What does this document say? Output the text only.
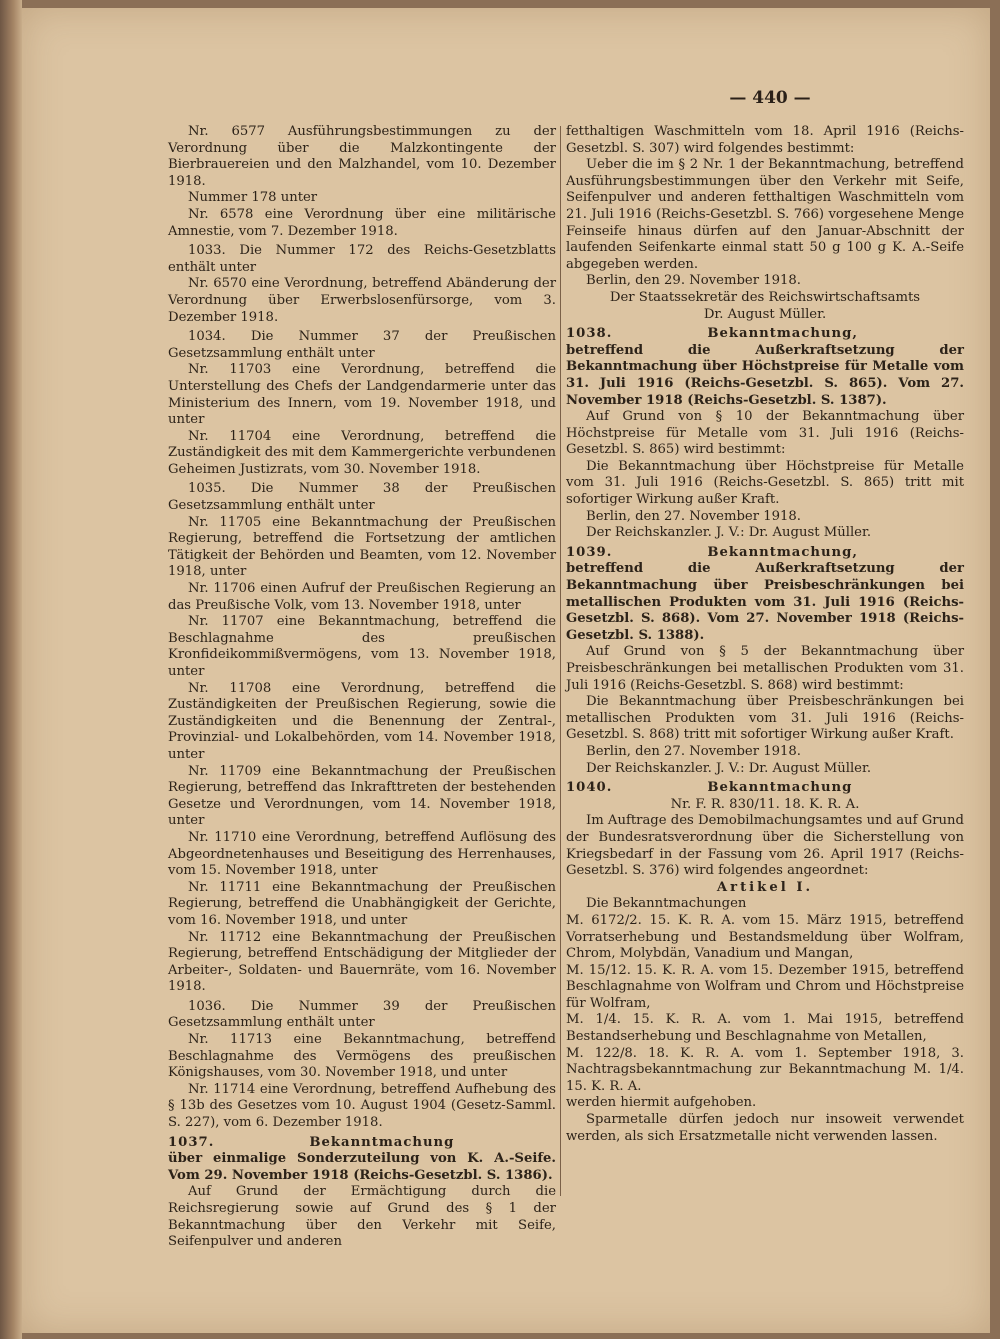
— 440 —

Nr. 6577 Ausführungsbestimmungen zu der Verordnung über die Malzkontingente der Bierbrauereien und den Malzhandel, vom 10. Dezember 1918.

Nummer 178 unter

Nr. 6578 eine Verordnung über eine militärische Amnestie, vom 7. Dezember 1918.

1033. Die Nummer 172 des Reichs-Gesetzblatts enthält unter

Nr. 6570 eine Verordnung, betreffend Abänderung der Verordnung über Erwerbslosenfürsorge, vom 3. Dezember 1918.

1034. Die Nummer 37 der Preußischen Gesetzsammlung enthält unter

Nr. 11703 eine Verordnung, betreffend die Unterstellung des Chefs der Landgendarmerie unter das Ministerium des Innern, vom 19. November 1918, und unter

Nr. 11704 eine Verordnung, betreffend die Zuständigkeit des mit dem Kammergerichte verbundenen Geheimen Justizrats, vom 30. November 1918.

1035. Die Nummer 38 der Preußischen Gesetzsammlung enthält unter

Nr. 11705 eine Bekanntmachung der Preußischen Regierung, betreffend die Fortsetzung der amtlichen Tätigkeit der Behörden und Beamten, vom 12. November 1918, unter

Nr. 11706 einen Aufruf der Preußischen Regierung an das Preußische Volk, vom 13. November 1918, unter

Nr. 11707 eine Bekanntmachung, betreffend die Beschlagnahme des preußischen Kronfideikommißvermögens, vom 13. November 1918, unter

Nr. 11708 eine Verordnung, betreffend die Zuständigkeiten der Preußischen Regierung, sowie die Zuständigkeiten und die Benennung der Zentral-, Provinzial- und Lokalbehörden, vom 14. November 1918, unter

Nr. 11709 eine Bekanntmachung der Preußischen Regierung, betreffend das Inkrafttreten der bestehenden Gesetze und Verordnungen, vom 14. November 1918, unter

Nr. 11710 eine Verordnung, betreffend Auflösung des Abgeordnetenhauses und Beseitigung des Herrenhauses, vom 15. November 1918, unter

Nr. 11711 eine Bekanntmachung der Preußischen Regierung, betreffend die Unabhängigkeit der Gerichte, vom 16. November 1918, und unter

Nr. 11712 eine Bekanntmachung der Preußischen Regierung, betreffend Entschädigung der Mitglieder der Arbeiter-, Soldaten- und Bauernräte, vom 16. November 1918.

1036. Die Nummer 39 der Preußischen Gesetzsammlung enthält unter

Nr. 11713 eine Bekanntmachung, betreffend Beschlagnahme des Vermögens des preußischen Königshauses, vom 30. November 1918, und unter

Nr. 11714 eine Verordnung, betreffend Aufhebung des § 13b des Gesetzes vom 10. August 1904 (Gesetz-Samml. S. 227), vom 6. Dezember 1918.

1037.                 Bekanntmachung

über einmalige Sonderzuteilung von K. A.-Seife. Vom 29. November 1918 (Reichs-Gesetzbl. S. 1386).

Auf Grund der Ermächtigung durch die Reichsregierung sowie auf Grund des § 1 der Bekanntmachung über den Verkehr mit Seife, Seifenpulver und anderen

fetthaltigen Waschmitteln vom 18. April 1916 (Reichs-Gesetzbl. S. 307) wird folgendes bestimmt:

Ueber die im § 2 Nr. 1 der Bekanntmachung, betreffend Ausführungsbestimmungen über den Verkehr mit Seife, Seifenpulver und anderen fetthaltigen Waschmitteln vom 21. Juli 1916 (Reichs-Gesetzbl. S. 766) vorgesehene Menge Feinseife hinaus dürfen auf den Januar-Abschnitt der laufenden Seifenkarte einmal statt 50 g 100 g K. A.-Seife abgegeben werden.

Berlin, den 29. November 1918.

Der Staatssekretär des Reichswirtschaftsamts

Dr. August Müller.

1038.                 Bekanntmachung,

betreffend die Außerkraftsetzung der Bekanntmachung über Höchstpreise für Metalle vom 31. Juli 1916 (Reichs-Gesetzbl. S. 865). Vom 27. November 1918 (Reichs-Gesetzbl. S. 1387).

Auf Grund von § 10 der Bekanntmachung über Höchstpreise für Metalle vom 31. Juli 1916 (Reichs-Gesetzbl. S. 865) wird bestimmt:

Die Bekanntmachung über Höchstpreise für Metalle vom 31. Juli 1916 (Reichs-Gesetzbl. S. 865) tritt mit sofortiger Wirkung außer Kraft.

Berlin, den 27. November 1918.

Der Reichskanzler. J. V.: Dr. August Müller.

1039.                 Bekanntmachung,

betreffend die Außerkraftsetzung der Bekanntmachung über Preisbeschränkungen bei metallischen Produkten vom 31. Juli 1916 (Reichs-Gesetzbl. S. 868). Vom 27. November 1918 (Reichs-Gesetzbl. S. 1388).

Auf Grund von § 5 der Bekanntmachung über Preisbeschränkungen bei metallischen Produkten vom 31. Juli 1916 (Reichs-Gesetzbl. S. 868) wird bestimmt:

Die Bekanntmachung über Preisbeschränkungen bei metallischen Produkten vom 31. Juli 1916 (Reichs-Gesetzbl. S. 868) tritt mit sofortiger Wirkung außer Kraft.

Berlin, den 27. November 1918.

Der Reichskanzler. J. V.: Dr. August Müller.

1040.                 Bekanntmachung

Nr. F. R. 830/11. 18. K. R. A.

Im Auftrage des Demobilmachungsamtes und auf Grund der Bundesratsverordnung über die Sicherstellung von Kriegsbedarf in der Fassung vom 26. April 1917 (Reichs-Gesetzbl. S. 376) wird folgendes angeordnet:

Artikel I.

Die Bekanntmachungen

M. 6172/2. 15. K. R. A. vom 15. März 1915, betreffend Vorratserhebung und Bestandsmeldung über Wolfram, Chrom, Molybdän, Vanadium und Mangan,

M. 15/12. 15. K. R. A. vom 15. Dezember 1915, betreffend Beschlagnahme von Wolfram und Chrom und Höchstpreise für Wolfram,

M. 1/4. 15. K. R. A. vom 1. Mai 1915, betreffend Bestandserhebung und Beschlagnahme von Metallen,

M. 122/8. 18. K. R. A. vom 1. September 1918, 3. Nachtragsbekanntmachung zur Bekanntmachung M. 1/4. 15. K. R. A.

werden hiermit aufgehoben.

Sparmetalle dürfen jedoch nur insoweit verwendet werden, als sich Ersatzmetalle nicht verwenden lassen.
